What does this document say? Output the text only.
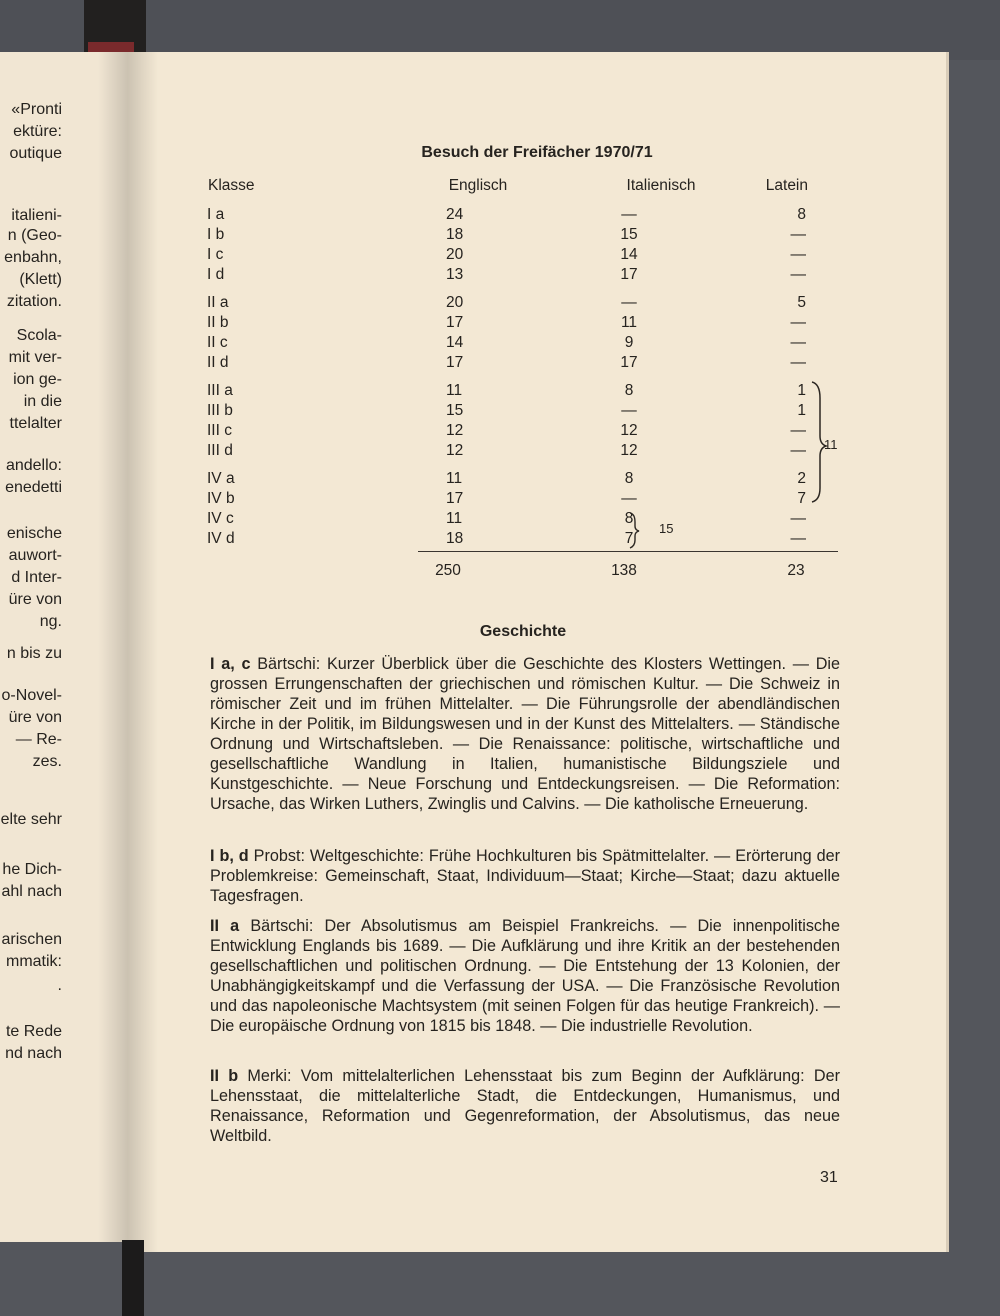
«Pronti
ektüre:
outique
italieni-
n (Geo-
enbahn,
(Klett)
zitation.
Scola-
mit ver-
ion ge-
in die
ttelalter
andello:
enedetti
enische
auwort-
d Inter-
üre von
ng.
n bis zu
o-Novel-
üre von
— Re-
zes.
elte sehr
he Dich-
ahl nach
arischen
mmatik:
.
te Rede
nd nach
Besuch der Freifächer 1970/71
Klasse	Englisch	Italienisch	Latein
I a	24	—	8
I b	18	15	—
I c	20	14	—
I d	13	17	—
II a	20	—	5
II b	17	11	—
II c	14	9	—
II d	17	17	—
III a	11	8	1
III b	15	—	1
III c	12	12	—
III d	12	12	—
IV a	11	8	2
IV b	17	—	7
IV c	11	8	—
IV d	18	7	—
11
15
250	138	23
Geschichte
I a, c Bärtschi: Kurzer Überblick über die Geschichte des Klosters Wettingen. — Die grossen Errungenschaften der griechischen und römischen Kultur. — Die Schweiz in römischer Zeit und im frühen Mittelalter. — Die Führungsrolle der abendländischen Kirche in der Politik, im Bildungswesen und in der Kunst des Mittelalters. — Ständische Ordnung und Wirtschaftsleben. — Die Renaissance: politische, wirtschaftliche und gesellschaftliche Wandlung in Italien, humanistische Bildungsziele und Kunstgeschichte. — Neue Forschung und Entdeckungsreisen. — Die Reformation: Ursache, das Wirken Luthers, Zwinglis und Calvins. — Die katholische Erneuerung.
I b, d Probst: Weltgeschichte: Frühe Hochkulturen bis Spätmittelalter. — Erörterung der Problemkreise: Gemeinschaft, Staat, Individuum—Staat; Kirche—Staat; dazu aktuelle Tagesfragen.
II a Bärtschi: Der Absolutismus am Beispiel Frankreichs. — Die innenpolitische Entwicklung Englands bis 1689. — Die Aufklärung und ihre Kritik an der bestehenden gesellschaftlichen und politischen Ordnung. — Die Entstehung der 13 Kolonien, der Unabhängigkeitskampf und die Verfassung der USA. — Die Französische Revolution und das napoleonische Machtsystem (mit seinen Folgen für das heutige Frankreich). — Die europäische Ordnung von 1815 bis 1848. — Die industrielle Revolution.
II b Merki: Vom mittelalterlichen Lehensstaat bis zum Beginn der Aufklärung: Der Lehensstaat, die mittelalterliche Stadt, die Entdeckungen, Humanismus, und Renaissance, Reformation und Gegenreformation, der Absolutismus, das neue Weltbild.
31
